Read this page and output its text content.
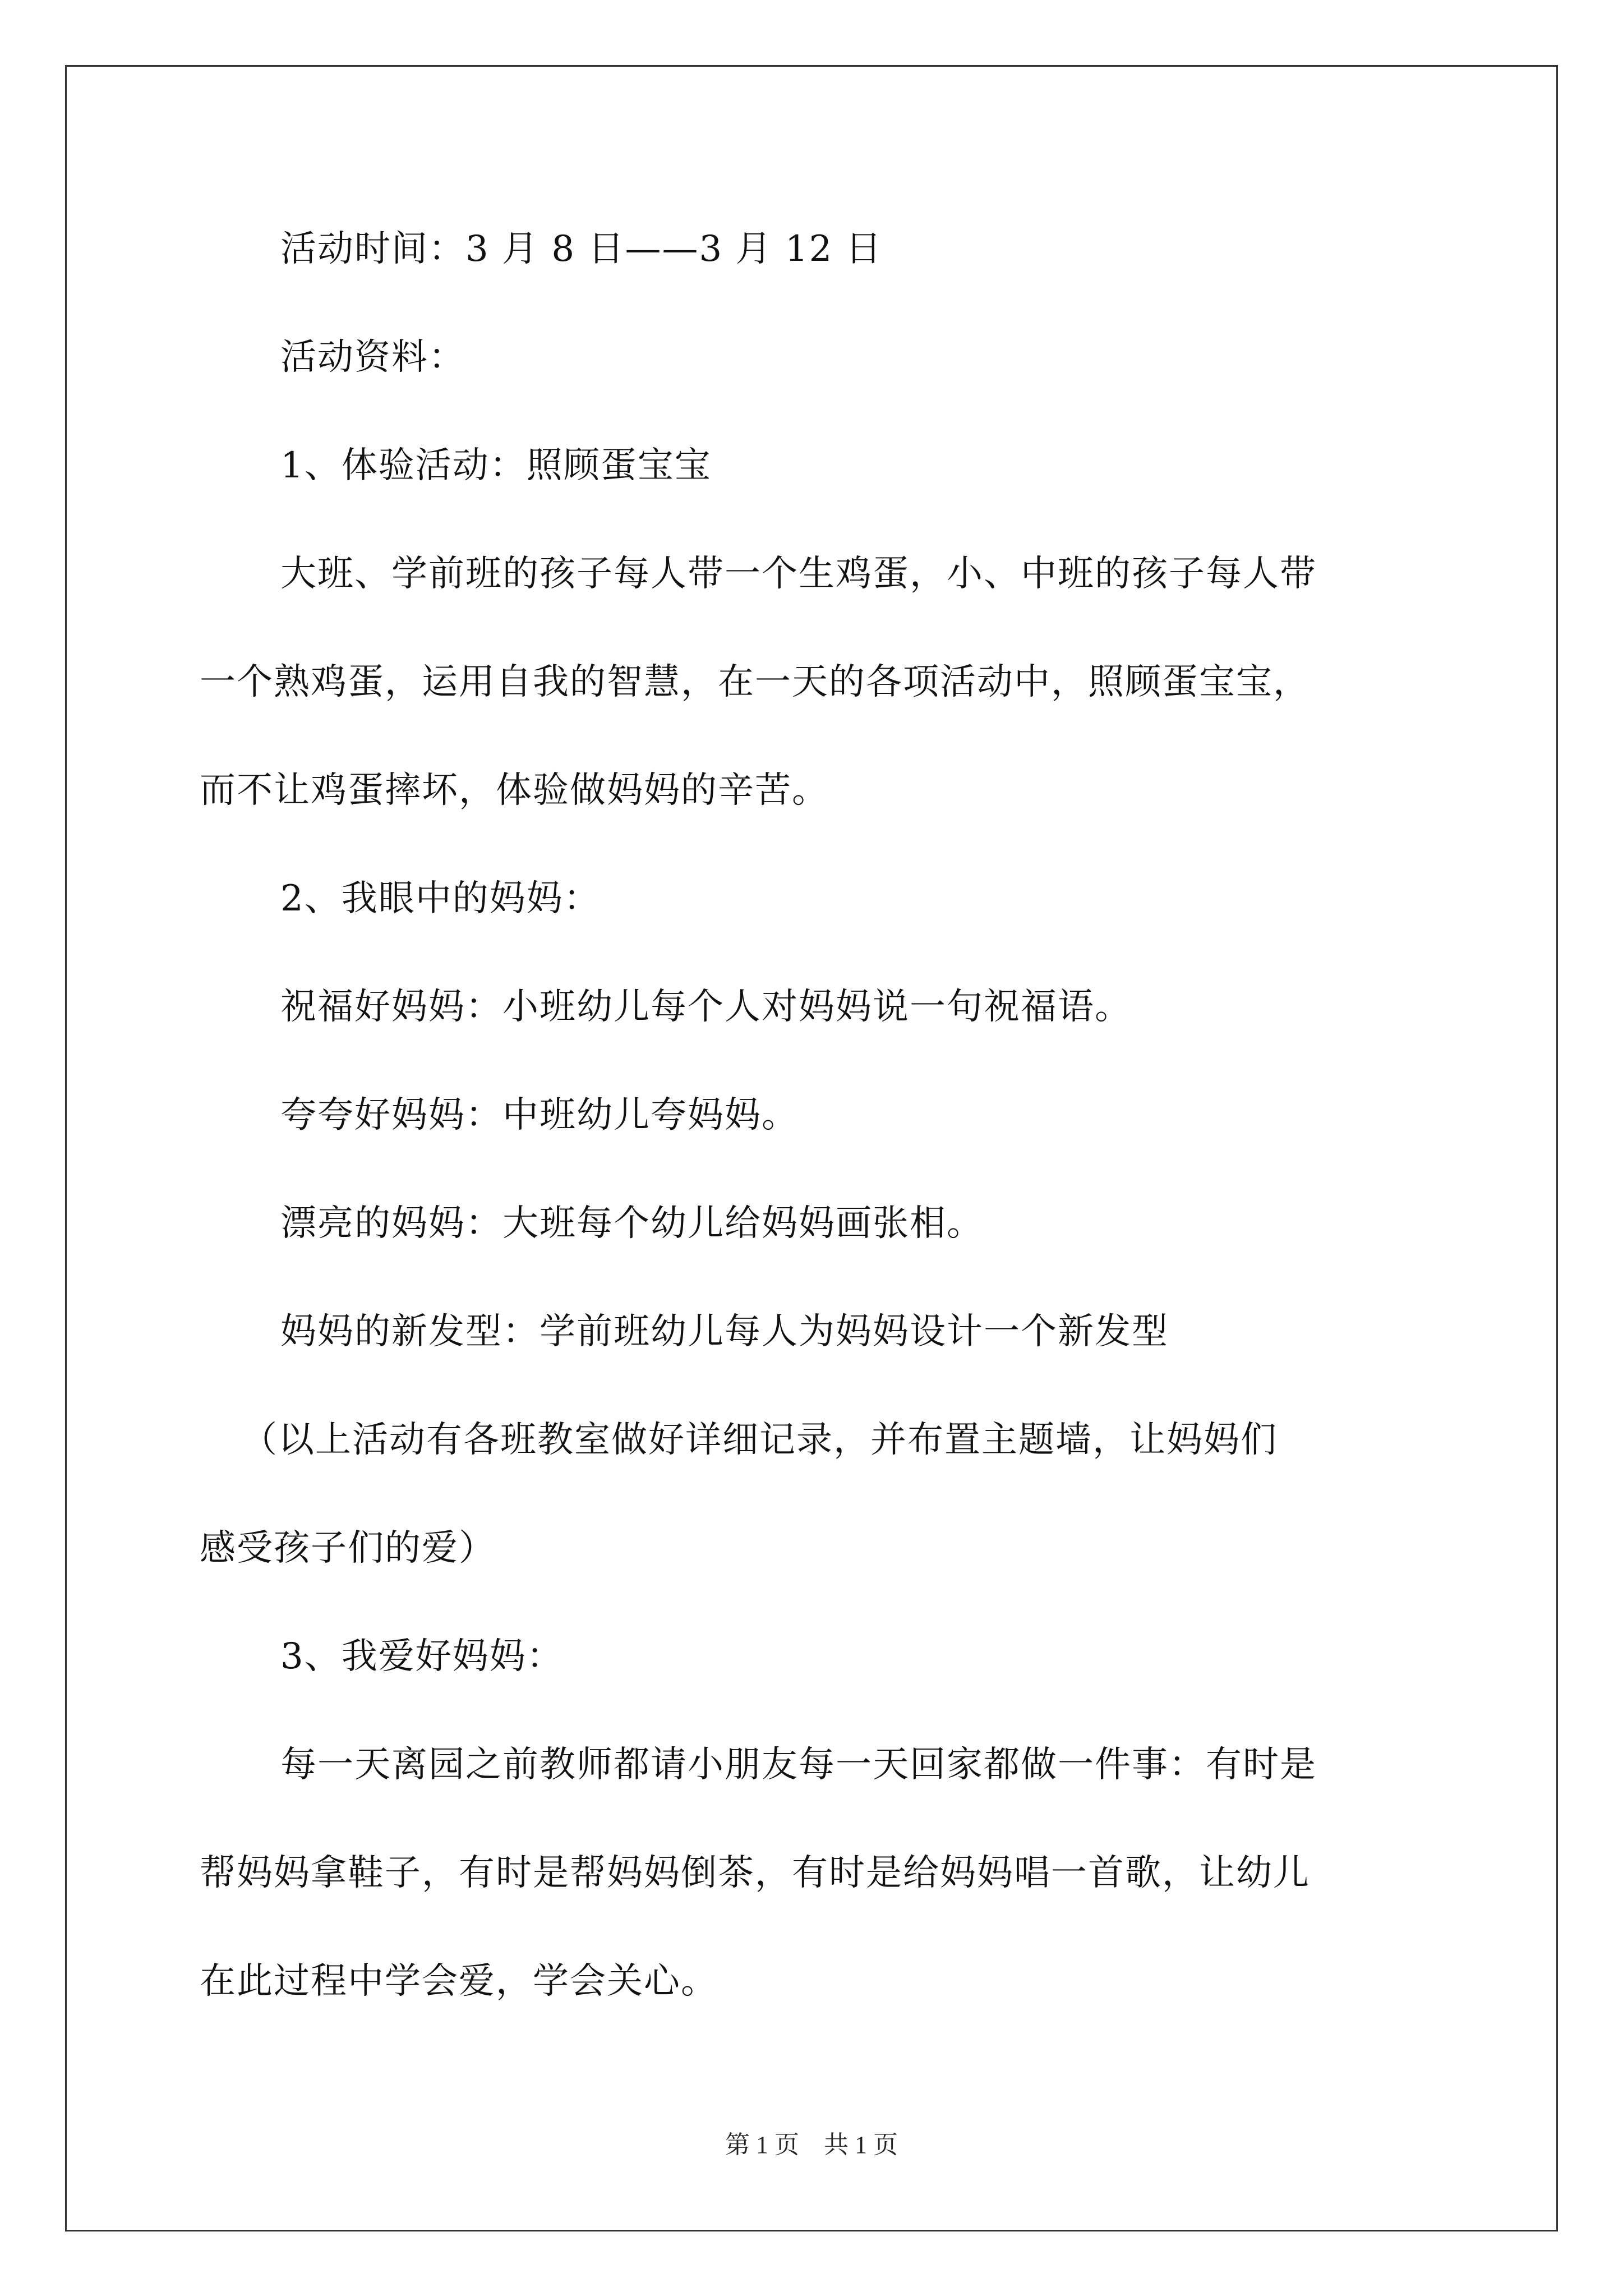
活动时间：3 月 8 日——3 月 12 日
活动资料：
1、体验活动：照顾蛋宝宝
大班、学前班的孩子每人带一个生鸡蛋，小、中班的孩子每人带
一个熟鸡蛋，运用自我的智慧，在一天的各项活动中，照顾蛋宝宝，
而不让鸡蛋摔坏，体验做妈妈的辛苦。
2、我眼中的妈妈：
祝福好妈妈：小班幼儿每个人对妈妈说一句祝福语。
夸夸好妈妈：中班幼儿夸妈妈。
漂亮的妈妈：大班每个幼儿给妈妈画张相。
妈妈的新发型：学前班幼儿每人为妈妈设计一个新发型
（以上活动有各班教室做好详细记录，并布置主题墙，让妈妈们
感受孩子们的爱）
3、我爱好妈妈：
每一天离园之前教师都请小朋友每一天回家都做一件事：有时是
帮妈妈拿鞋子，有时是帮妈妈倒茶，有时是给妈妈唱一首歌，让幼儿
在此过程中学会爱，学会关心。
第 1 页　共 1 页
